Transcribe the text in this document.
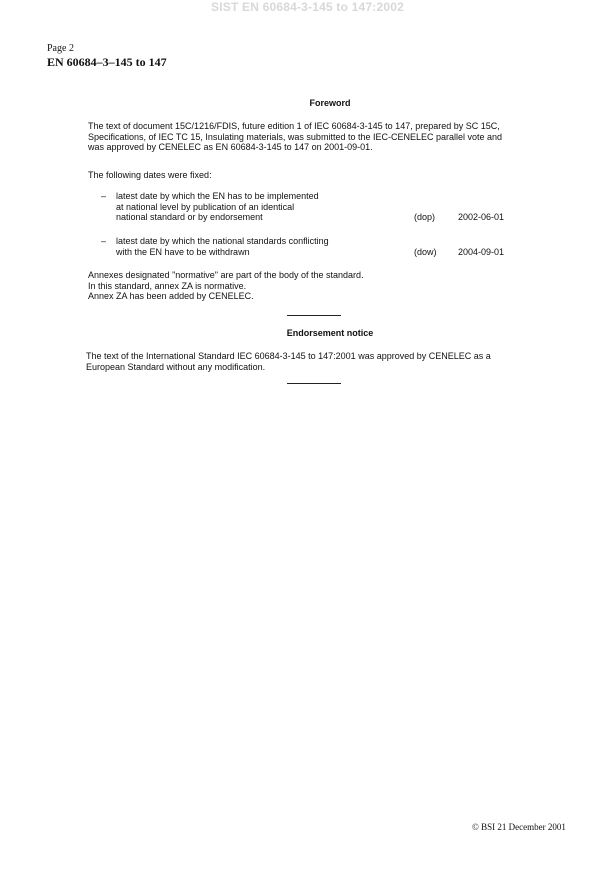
SIST EN 60684-3-145 to 147:2002
Page 2
EN 60684–3–145 to 147
Foreword
The text of document 15C/1216/FDIS, future edition 1 of IEC 60684-3-145 to 147, prepared by SC 15C,
Specifications, of IEC TC 15, Insulating materials, was submitted to the IEC-CENELEC parallel vote and
was approved by CENELEC as EN 60684-3-145 to 147 on 2001-09-01.
The following dates were fixed:
– latest date by which the EN has to be implemented
at national level by publication of an identical
national standard or by endorsement	(dop)	2002-06-01
– latest date by which the national standards conflicting
with the EN have to be withdrawn	(dow) 2004-09-01
Annexes designated "normative" are part of the body of the standard.
In this standard, annex ZA is normative.
Annex ZA has been added by CENELEC.
Endorsement notice
The text of the International Standard IEC 60684-3-145 to 147:2001 was approved by CENELEC as a
European Standard without any modification.
© BSI 21 December 2001
